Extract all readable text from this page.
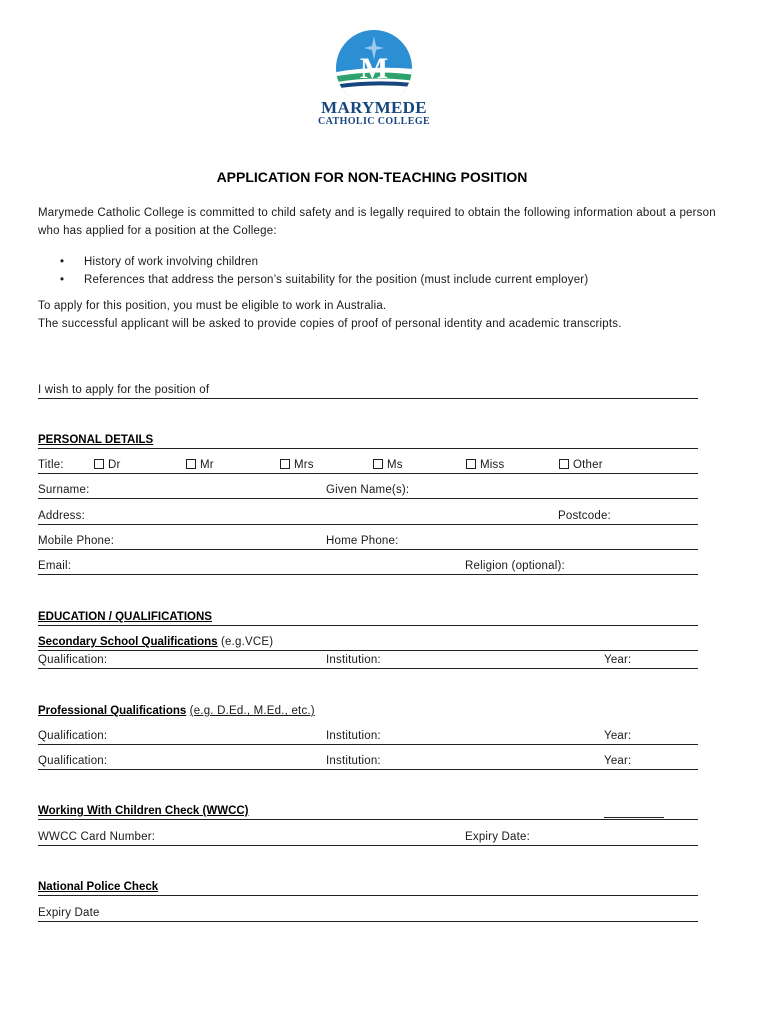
M
MARYMEDE
CATHOLIC COLLEGE
APPLICATION FOR NON-TEACHING POSITION
Marymede Catholic College is committed to child safety and is legally required to obtain the following information about a person who has applied for a position at the College:
• History of work involving children
• References that address the person’s suitability for the position (must include current employer)
To apply for this position, you must be eligible to work in Australia.
The successful applicant will be asked to provide copies of proof of personal identity and academic transcripts.
I wish to apply for the position of
PERSONAL DETAILS
Title:	Dr	Mr	Mrs	Ms	Miss	Other
Surname:	Given Name(s):
Address:	Postcode:
Mobile Phone:	Home Phone:
Email:	Religion (optional):
EDUCATION / QUALIFICATIONS
Secondary School Qualifications (e.g.VCE)
Qualification:	Institution:	Year:
Professional Qualifications (e.g. D.Ed., M.Ed., etc.)
Qualification:	Institution:	Year:
Qualification:	Institution:	Year:
Working With Children Check (WWCC)
WWCC Card Number:	Expiry Date:
National Police Check
Expiry Date
